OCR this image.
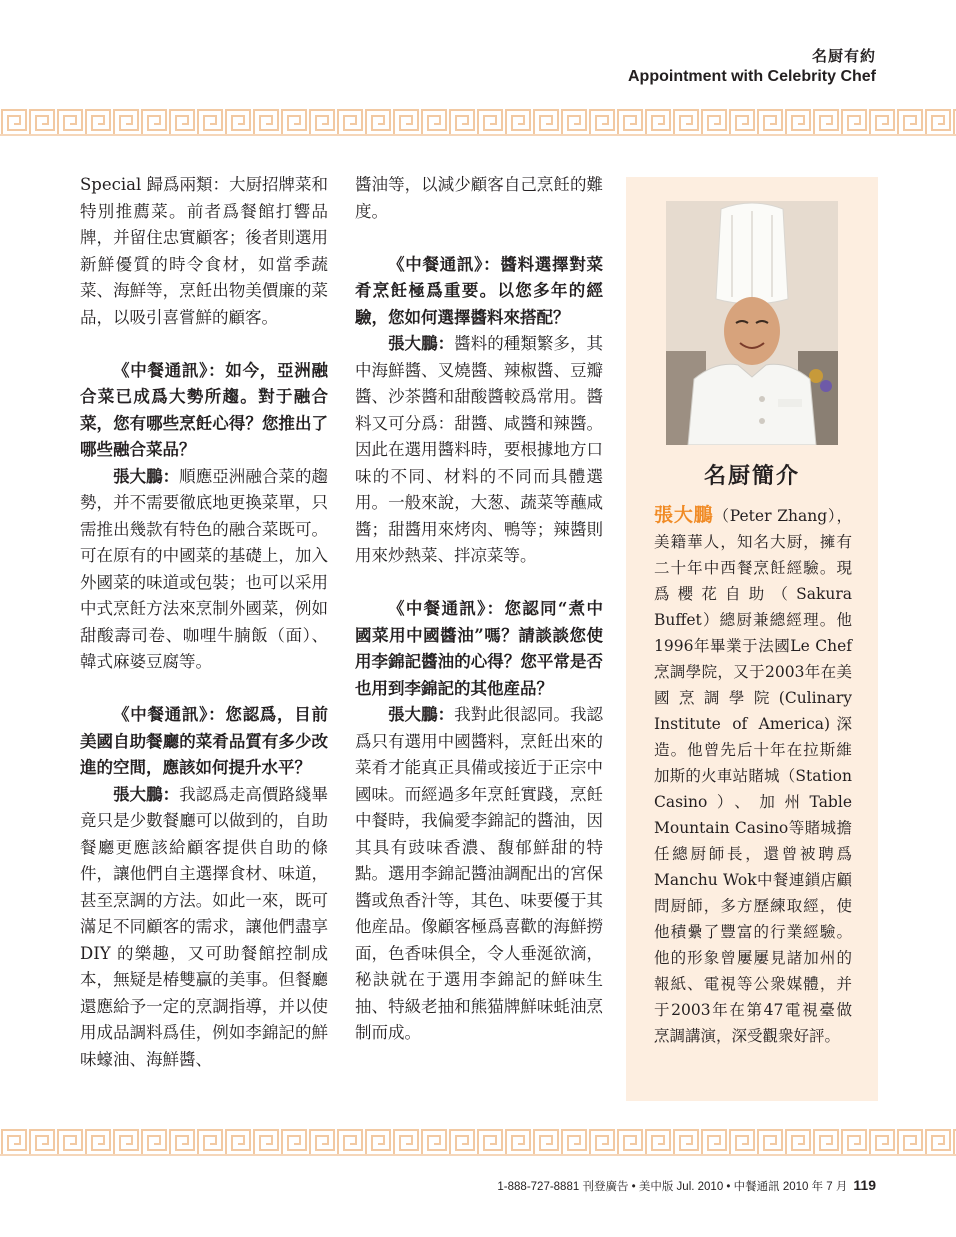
名厨有約
Appointment with Celebrity Chef

Special 歸爲兩類：大厨招牌菜和特別推薦菜。前者爲餐館打響品牌，并留住忠實顧客；後者則選用新鮮優質的時令食材，如當季蔬菜、海鮮等，烹飪出物美價廉的菜品，以吸引喜嘗鮮的顧客。

《中餐通訊》：如今，亞洲融合菜已成爲大勢所趨。對于融合菜，您有哪些烹飪心得？您推出了哪些融合菜品？

張大鵬：順應亞洲融合菜的趨勢，并不需要徹底地更換菜單，只需推出幾款有特色的融合菜既可。可在原有的中國菜的基礎上，加入外國菜的味道或包裝；也可以采用中式烹飪方法來烹制外國菜，例如甜酸壽司卷、咖哩牛腩飯（面）、韓式麻婆豆腐等。

《中餐通訊》：您認爲，目前美國自助餐廳的菜肴品質有多少改進的空間，應該如何提升水平？

張大鵬：我認爲走高價路綫畢竟只是少數餐廳可以做到的，自助餐廳更應該給顧客提供自助的條件，讓他們自主選擇食材、味道，甚至烹調的方法。如此一來，既可滿足不同顧客的需求，讓他們盡享 DIY 的樂趣，又可助餐館控制成本，無疑是椿雙贏的美事。但餐廳還應給予一定的烹調指導，并以使用成品調料爲佳，例如李錦記的鮮味蠔油、海鮮醬、

醬油等，以減少顧客自己烹飪的難度。

《中餐通訊》：醬料選擇對菜肴烹飪極爲重要。以您多年的經驗，您如何選擇醬料來搭配？

張大鵬：醬料的種類繁多，其中海鮮醬、叉燒醬、辣椒醬、豆瓣醬、沙茶醬和甜酸醬較爲常用。醬料又可分爲：甜醬、咸醬和辣醬。因此在選用醬料時，要根據地方口味的不同、材料的不同而具體選用。一般來說，大葱、蔬菜等蘸咸醬；甜醬用來烤肉、鴨等；辣醬則用來炒熱菜、拌凉菜等。

《中餐通訊》：您認同“煮中國菜用中國醬油”嗎？請談談您使用李錦記醬油的心得？您平常是否也用到李錦記的其他産品？

張大鵬：我對此很認同。我認爲只有選用中國醬料，烹飪出來的菜肴才能真正具備或接近于正宗中國味。而經過多年烹飪實踐，烹飪中餐時，我偏愛李錦記的醬油，因其具有豉味香濃、馥郁鮮甜的特點。選用李錦記醬油調配出的宮保醬或魚香汁等，其色、味要優于其他産品。像顧客極爲喜歡的海鮮撈面，色香味俱全，令人垂涎欲滴，秘訣就在于選用李錦記的鮮味生抽、特級老抽和熊猫牌鮮味蚝油烹制而成。

名厨簡介
張大鵬（Peter Zhang），美籍華人，知名大厨，擁有二十年中西餐烹飪經驗。現爲櫻花自助（Sakura Buffet）總厨兼總經理。他1996年畢業于法國Le Chef烹調學院，又于2003年在美國烹調學院(Culinary Institute of America)深造。他曾先后十年在拉斯維加斯的火車站賭城（Station Casino）、加州Table Mountain Casino等賭城擔任總厨師長，還曾被聘爲Manchu Wok中餐連鎖店顧問厨師，多方歷練取經，使他積纍了豐富的行業經驗。他的形象曾屢屢見諸加州的報紙、電視等公衆媒體，并于2003年在第47電視臺做烹調講演，深受觀衆好評。
1-888-727-8881 刊登廣告 • 美中版 Jul. 2010 • 中餐通訊 2010 年 7 月 119
